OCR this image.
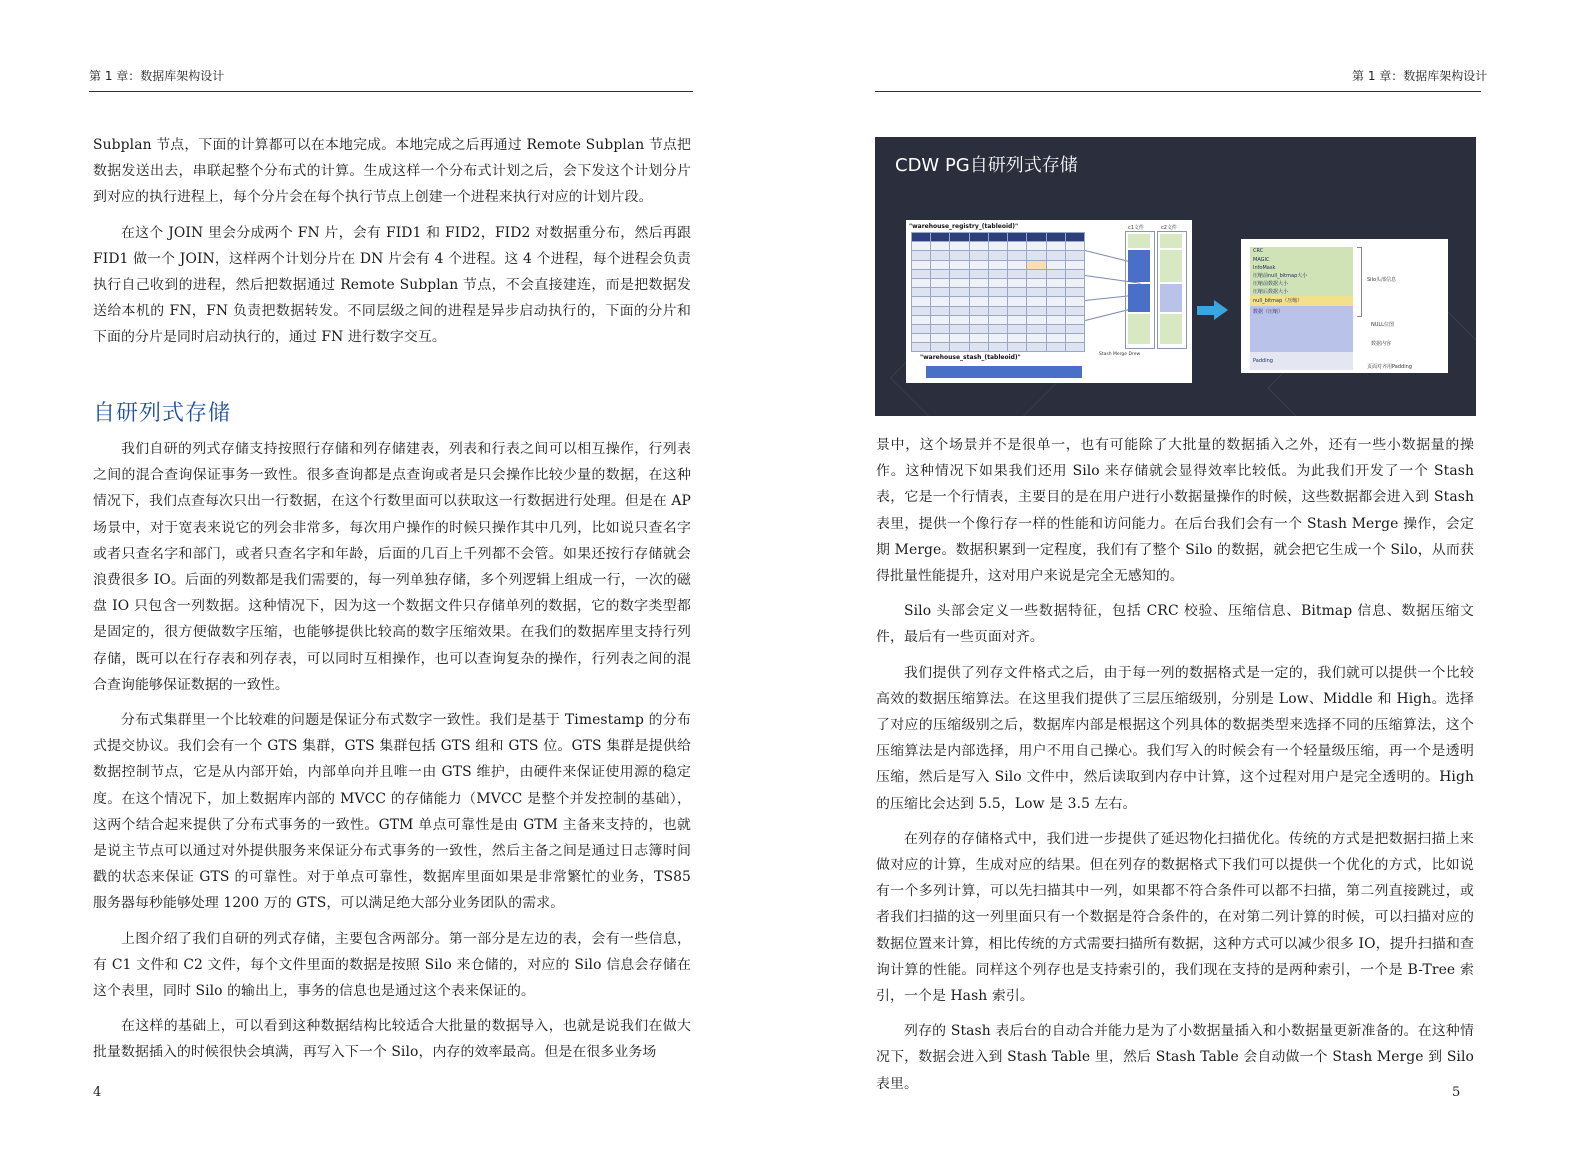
第 1 章：数据库架构设计

Subplan 节点，下面的计算都可以在本地完成。本地完成之后再通过 Remote Subplan 节点把数据发送出去，串联起整个分布式的计算。生成这样一个分布式计划之后，会下发这个计划分片到对应的执行进程上，每个分片会在每个执行节点上创建一个进程来执行对应的计划片段。

在这个 JOIN 里会分成两个 FN 片，会有 FID1 和 FID2，FID2 对数据重分布，然后再跟 FID1 做一个 JOIN，这样两个计划分片在 DN 片会有 4 个进程。这 4 个进程，每个进程会负责执行自己收到的进程，然后把数据通过 Remote Subplan 节点，不会直接建连，而是把数据发送给本机的 FN，FN 负责把数据转发。不同层级之间的进程是异步启动执行的，下面的分片和下面的分片是同时启动执行的，通过 FN 进行数字交互。

自研列式存储

我们自研的列式存储支持按照行存储和列存储建表，列表和行表之间可以相互操作，行列表之间的混合查询保证事务一致性。很多查询都是点查询或者是只会操作比较少量的数据，在这种情况下，我们点查每次只出一行数据，在这个行数里面可以获取这一行数据进行处理。但是在 AP 场景中，对于宽表来说它的列会非常多，每次用户操作的时候只操作其中几列，比如说只查名字或者只查名字和部门，或者只查名字和年龄，后面的几百上千列都不会管。如果还按行存储就会浪费很多 IO。后面的列数都是我们需要的，每一列单独存储，多个列逻辑上组成一行，一次的磁盘 IO 只包含一列数据。这种情况下，因为这一个数据文件只存储单列的数据，它的数字类型都是固定的，很方便做数字压缩，也能够提供比较高的数字压缩效果。在我们的数据库里支持行列存储，既可以在行存表和列存表，可以同时互相操作，也可以查询复杂的操作，行列表之间的混合查询能够保证数据的一致性。

分布式集群里一个比较难的问题是保证分布式数字一致性。我们是基于 Timestamp 的分布式提交协议。我们会有一个 GTS 集群，GTS 集群包括 GTS 组和 GTS 位。GTS 集群是提供给数据控制节点，它是从内部开始，内部单向并且唯一由 GTS 维护，由硬件来保证使用源的稳定度。在这个情况下，加上数据库内部的 MVCC 的存储能力（MVCC 是整个并发控制的基础），这两个结合起来提供了分布式事务的一致性。GTM 单点可靠性是由 GTM 主备来支持的，也就是说主节点可以通过对外提供服务来保证分布式事务的一致性，然后主备之间是通过日志簿时间戳的状态来保证 GTS 的可靠性。对于单点可靠性，数据库里面如果是非常繁忙的业务，TS85 服务器每秒能够处理 1200 万的 GTS，可以满足绝大部分业务团队的需求。

上图介绍了我们自研的列式存储，主要包含两部分。第一部分是左边的表，会有一些信息，有 C1 文件和 C2 文件，每个文件里面的数据是按照 Silo 来仓储的，对应的 Silo 信息会存储在这个表里，同时 Silo 的输出上，事务的信息也是通过这个表来保证的。

在这样的基础上，可以看到这种数据结构比较适合大批量的数据导入，也就是说我们在做大批量数据插入的时候很快会填满，再写入下一个 Silo，内存的效率最高。但是在很多业务场

4
第 1 章：数据库架构设计
CDW PG自研列式存储
"warehouse_registry_(tableoid)"

									c1文件	c2文件
Stash Merge Drew
"warehouse_stash_(tableoid)"
CRC
MAGIC
InfoMask
压缩前null_bitmap大小
压缩前数据大小
压缩后数据大小
null_bitmap（压缩）
数据（压缩）
Padding
Silo头部信息
NULL位图
数据内容
页面对齐用Padding

景中，这个场景并不是很单一，也有可能除了大批量的数据插入之外，还有一些小数据量的操作。这种情况下如果我们还用 Silo 来存储就会显得效率比较低。为此我们开发了一个 Stash 表，它是一个行情表，主要目的是在用户进行小数据量操作的时候，这些数据都会进入到 Stash 表里，提供一个像行存一样的性能和访问能力。在后台我们会有一个 Stash Merge 操作，会定期 Merge。数据积累到一定程度，我们有了整个 Silo 的数据，就会把它生成一个 Silo，从而获得批量性能提升，这对用户来说是完全无感知的。

Silo 头部会定义一些数据特征，包括 CRC 校验、压缩信息、Bitmap 信息、数据压缩文件，最后有一些页面对齐。

我们提供了列存文件格式之后，由于每一列的数据格式是一定的，我们就可以提供一个比较高效的数据压缩算法。在这里我们提供了三层压缩级别，分别是 Low、Middle 和 High。选择了对应的压缩级别之后，数据库内部是根据这个列具体的数据类型来选择不同的压缩算法，这个压缩算法是内部选择，用户不用自己操心。我们写入的时候会有一个轻量级压缩，再一个是透明压缩，然后是写入 Silo 文件中，然后读取到内存中计算，这个过程对用户是完全透明的。High 的压缩比会达到 5.5，Low 是 3.5 左右。

在列存的存储格式中，我们进一步提供了延迟物化扫描优化。传统的方式是把数据扫描上来做对应的计算，生成对应的结果。但在列存的数据格式下我们可以提供一个优化的方式，比如说有一个多列计算，可以先扫描其中一列，如果都不符合条件可以都不扫描，第二列直接跳过，或者我们扫描的这一列里面只有一个数据是符合条件的，在对第二列计算的时候，可以扫描对应的数据位置来计算，相比传统的方式需要扫描所有数据，这种方式可以减少很多 IO，提升扫描和查询计算的性能。同样这个列存也是支持索引的，我们现在支持的是两种索引，一个是 B-Tree 索引，一个是 Hash 索引。

列存的 Stash 表后台的自动合并能力是为了小数据量插入和小数据量更新准备的。在这种情况下，数据会进入到 Stash Table 里，然后 Stash Table 会自动做一个 Stash Merge 到 Silo 表里。

5
